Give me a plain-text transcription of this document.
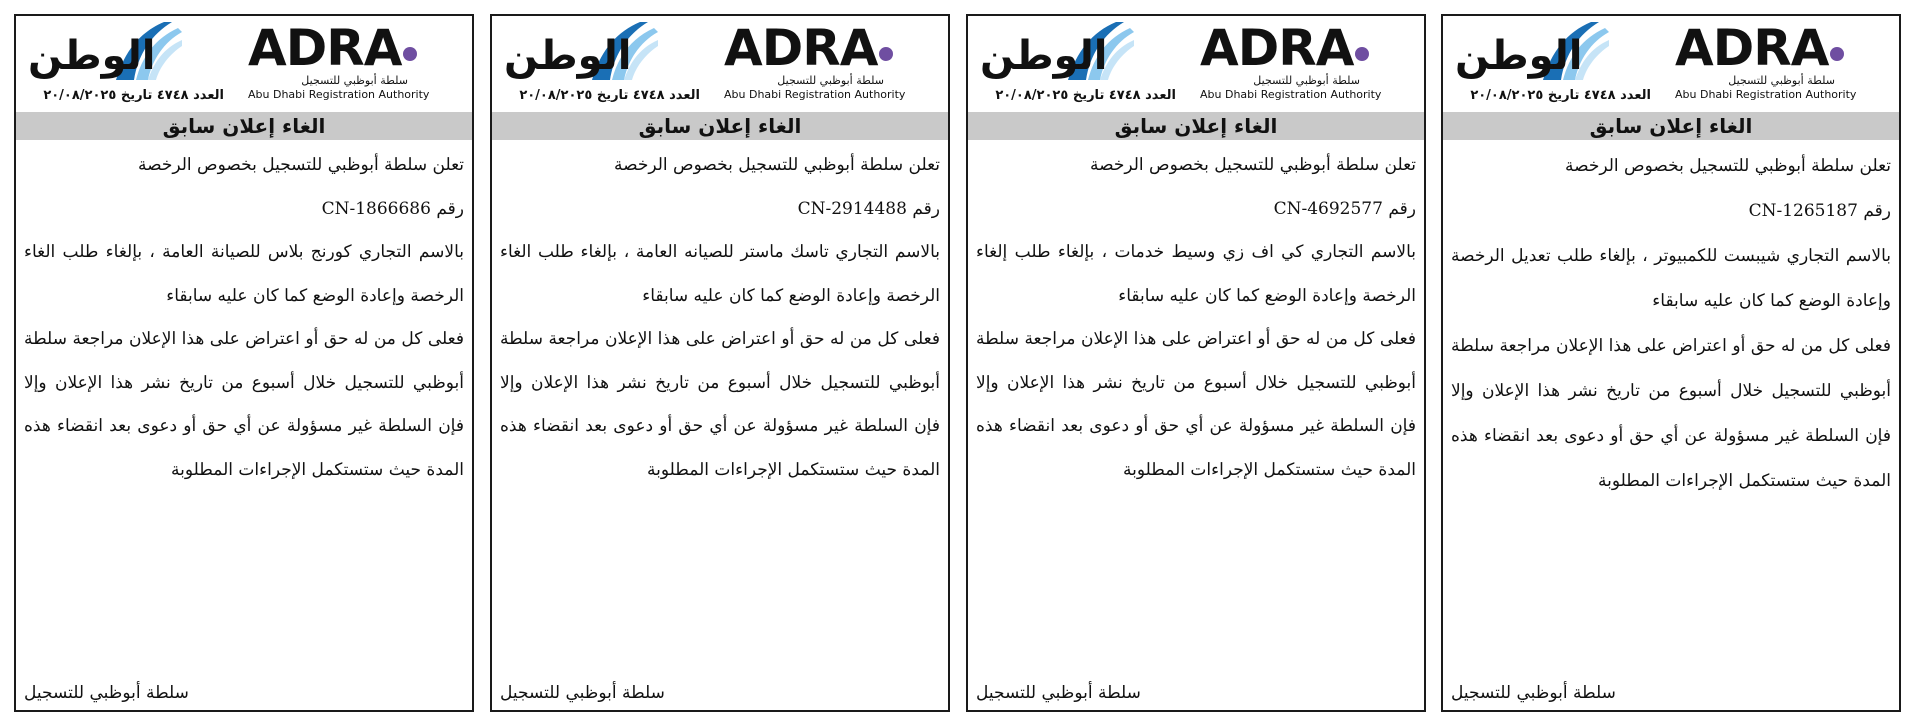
ADRA
سلطة أبوظبي للتسجيل
Abu Dhabi Registration Authority
الوطن
العدد ٤٧٤٨ تاريخ ٢٠/٠٨/٢٠٢٥
الغاء إعلان سابق

تعلن سلطة أبوظبي للتسجيل بخصوص الرخصة

رقم CN-1265187

بالاسم التجاري شيبست للكمبيوتر ، بإلغاء طلب تعديل الرخصة وإعادة الوضع كما كان عليه سابقاء

فعلى كل من له حق أو اعتراض على هذا الإعلان مراجعة سلطة أبوظبي للتسجيل خلال أسبوع من تاريخ نشر هذا الإعلان وإلا فإن السلطة غير مسؤولة عن أي حق أو دعوى بعد انقضاء هذه المدة حيث ستستكمل الإجراءات المطلوبة

سلطة أبوظبي للتسجيل
ADRA
سلطة أبوظبي للتسجيل
Abu Dhabi Registration Authority
الوطن
العدد ٤٧٤٨ تاريخ ٢٠/٠٨/٢٠٢٥
الغاء إعلان سابق

تعلن سلطة أبوظبي للتسجيل بخصوص الرخصة

رقم CN-4692577

بالاسم التجاري كي اف زي وسيط خدمات ، بإلغاء طلب إلغاء الرخصة وإعادة الوضع كما كان عليه سابقاء

فعلى كل من له حق أو اعتراض على هذا الإعلان مراجعة سلطة أبوظبي للتسجيل خلال أسبوع من تاريخ نشر هذا الإعلان وإلا فإن السلطة غير مسؤولة عن أي حق أو دعوى بعد انقضاء هذه المدة حيث ستستكمل الإجراءات المطلوبة

سلطة أبوظبي للتسجيل
ADRA
سلطة أبوظبي للتسجيل
Abu Dhabi Registration Authority
الوطن
العدد ٤٧٤٨ تاريخ ٢٠/٠٨/٢٠٢٥
الغاء إعلان سابق

تعلن سلطة أبوظبي للتسجيل بخصوص الرخصة

رقم CN-2914488

بالاسم التجاري تاسك ماستر للصيانه العامة ، بإلغاء طلب الغاء الرخصة وإعادة الوضع كما كان عليه سابقاء

فعلى كل من له حق أو اعتراض على هذا الإعلان مراجعة سلطة أبوظبي للتسجيل خلال أسبوع من تاريخ نشر هذا الإعلان وإلا فإن السلطة غير مسؤولة عن أي حق أو دعوى بعد انقضاء هذه المدة حيث ستستكمل الإجراءات المطلوبة

سلطة أبوظبي للتسجيل
ADRA
سلطة أبوظبي للتسجيل
Abu Dhabi Registration Authority
الوطن
العدد ٤٧٤٨ تاريخ ٢٠/٠٨/٢٠٢٥
الغاء إعلان سابق

تعلن سلطة أبوظبي للتسجيل بخصوص الرخصة

رقم CN-1866686

بالاسم التجاري كورنج بلاس للصيانة العامة ، بإلغاء طلب الغاء الرخصة وإعادة الوضع كما كان عليه سابقاء

فعلى كل من له حق أو اعتراض على هذا الإعلان مراجعة سلطة أبوظبي للتسجيل خلال أسبوع من تاريخ نشر هذا الإعلان وإلا فإن السلطة غير مسؤولة عن أي حق أو دعوى بعد انقضاء هذه المدة حيث ستستكمل الإجراءات المطلوبة

سلطة أبوظبي للتسجيل
